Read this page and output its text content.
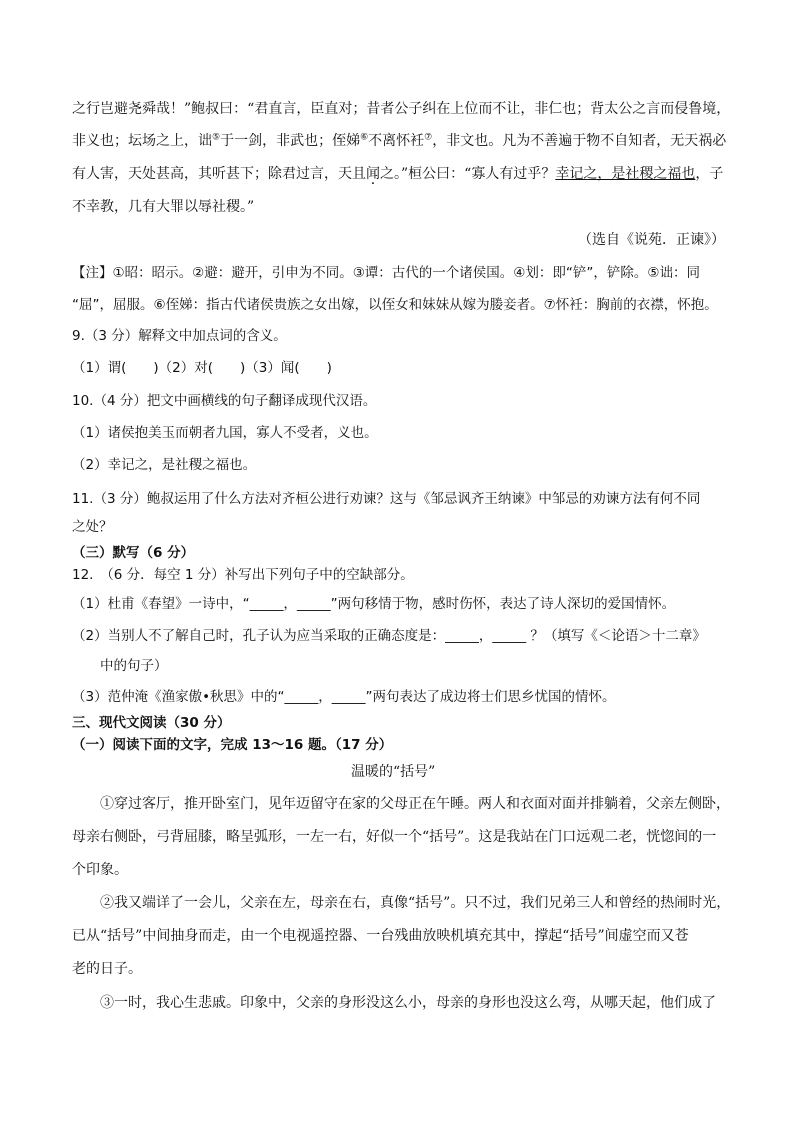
之行岂避尧舜哉！”鲍叔曰：“君直言，臣直对；昔者公子纠在上位而不让，非仁也；背太公之言而侵鲁境，
非义也；坛场之上，诎⑤于一剑，非武也；侄娣⑥不离怀衽⑦，非文也。凡为不善遍于物不自知者，无天祸必
有人害，天处甚高，其听甚下；除君过言，天且闻之。”桓公曰：“寡人有过乎？幸记之，是社稷之福也，子
不幸教，几有大罪以辱社稷。”
（选自《说苑．正谏》）
【注】①昭：昭示。②避：避开，引申为不同。③谭：古代的一个诸侯国。④划：即“铲”，铲除。⑤诎：同
“屈”，屈服。⑥侄娣：指古代诸侯贵族之女出嫁，以侄女和妹妹从嫁为媵妾者。⑦怀衽：胸前的衣襟，怀抱。
9.（3 分）解释文中加点词的含义。
（1）谓(　　)（2）对(　　)（3）闻(　　)
10.（4 分）把文中画横线的句子翻译成现代汉语。
（1）诸侯抱美玉而朝者九国，寡人不受者，义也。
（2）幸记之，是社稷之福也。
11.（3 分）鲍叔运用了什么方法对齐桓公进行劝谏？这与《邹忌讽齐王纳谏》中邹忌的劝谏方法有何不同
之处？
（三）默写（6 分）
12.　（6 分．每空 1 分）补写出下列句子中的空缺部分。
（1）杜甫《春望》一诗中，“_____，_____”两句移情于物，感时伤怀，表达了诗人深切的爱国情怀。
（2）当别人不了解自己时，孔子认为应当采取的正确态度是：_____，_____ ？（填写《＜论语＞十二章》
中的句子）
（3）范仲淹《渔家傲•秋思》中的“_____，_____”两句表达了成边将士们思乡忧国的情怀。
三、现代文阅读（30 分）
（一）阅读下面的文字，完成 13～16 题。（17 分）
温暖的“括号”
①穿过客厅，推开卧室门，见年迈留守在家的父母正在午睡。两人和衣面对面并排躺着，父亲左侧卧，
母亲右侧卧，弓背屈膝，略呈弧形，一左一右，好似一个“括号”。这是我站在门口远观二老，恍惚间的一
个印象。
②我又端详了一会儿，父亲在左，母亲在右，真像“括号”。只不过，我们兄弟三人和曾经的热闹时光，
已从“括号”中间抽身而走，由一个电视遥控器、一台残曲放映机填充其中，撑起“括号”间虚空而又苍
老的日子。
③一时，我心生悲戚。印象中，父亲的身形没这么小，母亲的身形也没这么弯，从哪天起，他们成了
